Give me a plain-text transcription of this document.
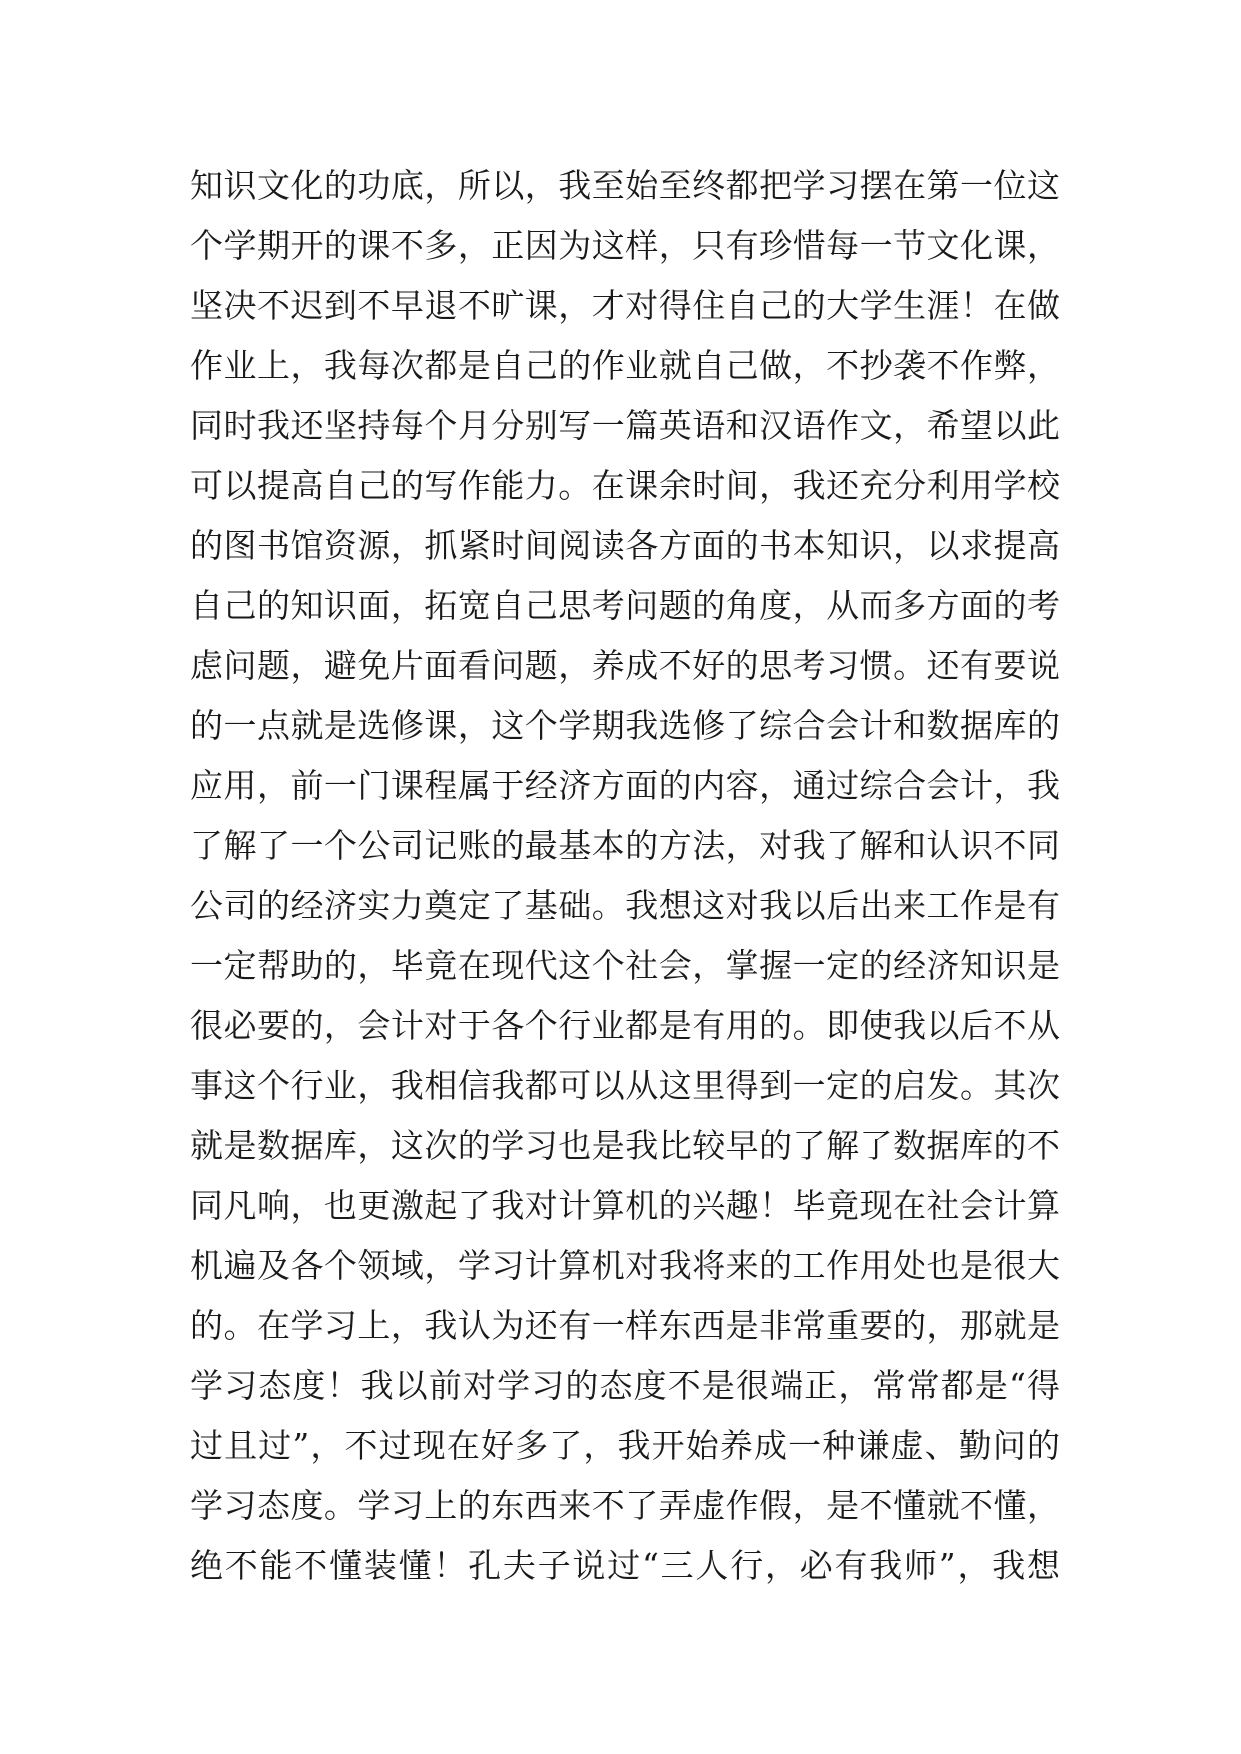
知识文化的功底，所以，我至始至终都把学习摆在第一位这
个学期开的课不多，正因为这样，只有珍惜每一节文化课，
坚决不迟到不早退不旷课，才对得住自己的大学生涯！在做
作业上，我每次都是自己的作业就自己做，不抄袭不作弊，
同时我还坚持每个月分别写一篇英语和汉语作文，希望以此
可以提高自己的写作能力。在课余时间，我还充分利用学校
的图书馆资源，抓紧时间阅读各方面的书本知识，以求提高
自己的知识面，拓宽自己思考问题的角度，从而多方面的考
虑问题，避免片面看问题，养成不好的思考习惯。还有要说
的一点就是选修课，这个学期我选修了综合会计和数据库的
应用，前一门课程属于经济方面的内容，通过综合会计，我
了解了一个公司记账的最基本的方法，对我了解和认识不同
公司的经济实力奠定了基础。我想这对我以后出来工作是有
一定帮助的，毕竟在现代这个社会，掌握一定的经济知识是
很必要的，会计对于各个行业都是有用的。即使我以后不从
事这个行业，我相信我都可以从这里得到一定的启发。其次
就是数据库，这次的学习也是我比较早的了解了数据库的不
同凡响，也更激起了我对计算机的兴趣！毕竟现在社会计算
机遍及各个领域，学习计算机对我将来的工作用处也是很大
的。在学习上，我认为还有一样东西是非常重要的，那就是
学习态度！我以前对学习的态度不是很端正，常常都是“得
过且过”，不过现在好多了，我开始养成一种谦虚、勤问的
学习态度。学习上的东西来不了弄虚作假，是不懂就不懂，
绝不能不懂装懂！孔夫子说过“三人行，必有我师”，我想
